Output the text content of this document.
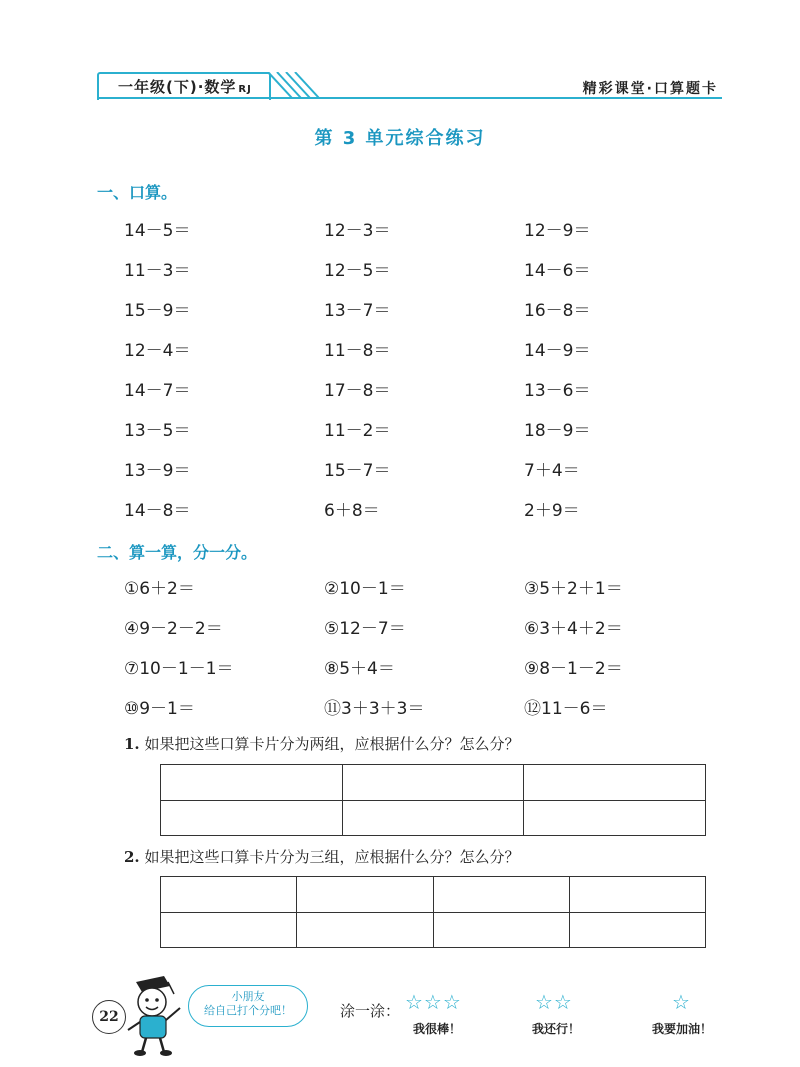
一年级(下)·数学 RJ	精彩课堂·口算题卡
第 3 单元综合练习
一、口算。
14－5＝	12－3＝	12－9＝
11－3＝	12－5＝	14－6＝
15－9＝	13－7＝	16－8＝
12－4＝	11－8＝	14－9＝
14－7＝	17－8＝	13－6＝
13－5＝	11－2＝	18－9＝
13－9＝	15－7＝	7＋4＝
14－8＝	6＋8＝	2＋9＝
二、算一算，分一分。
①6＋2＝	②10－1＝	③5＋2＋1＝
④9－2－2＝	⑤12－7＝	⑥3＋4＋2＝
⑦10－1－1＝	⑧5＋4＝	⑨8－1－2＝
⑩9－1＝	⑪3＋3＋3＝	⑫11－6＝
1. 如果把这些口算卡片分为两组，应根据什么分？怎么分？

2. 如果把这些口算卡片分为三组，应根据什么分？怎么分？

22
小朋友
给自己打个分吧！	涂一涂： ☆☆☆
我很棒！
☆☆
我还行！
☆
我要加油！
